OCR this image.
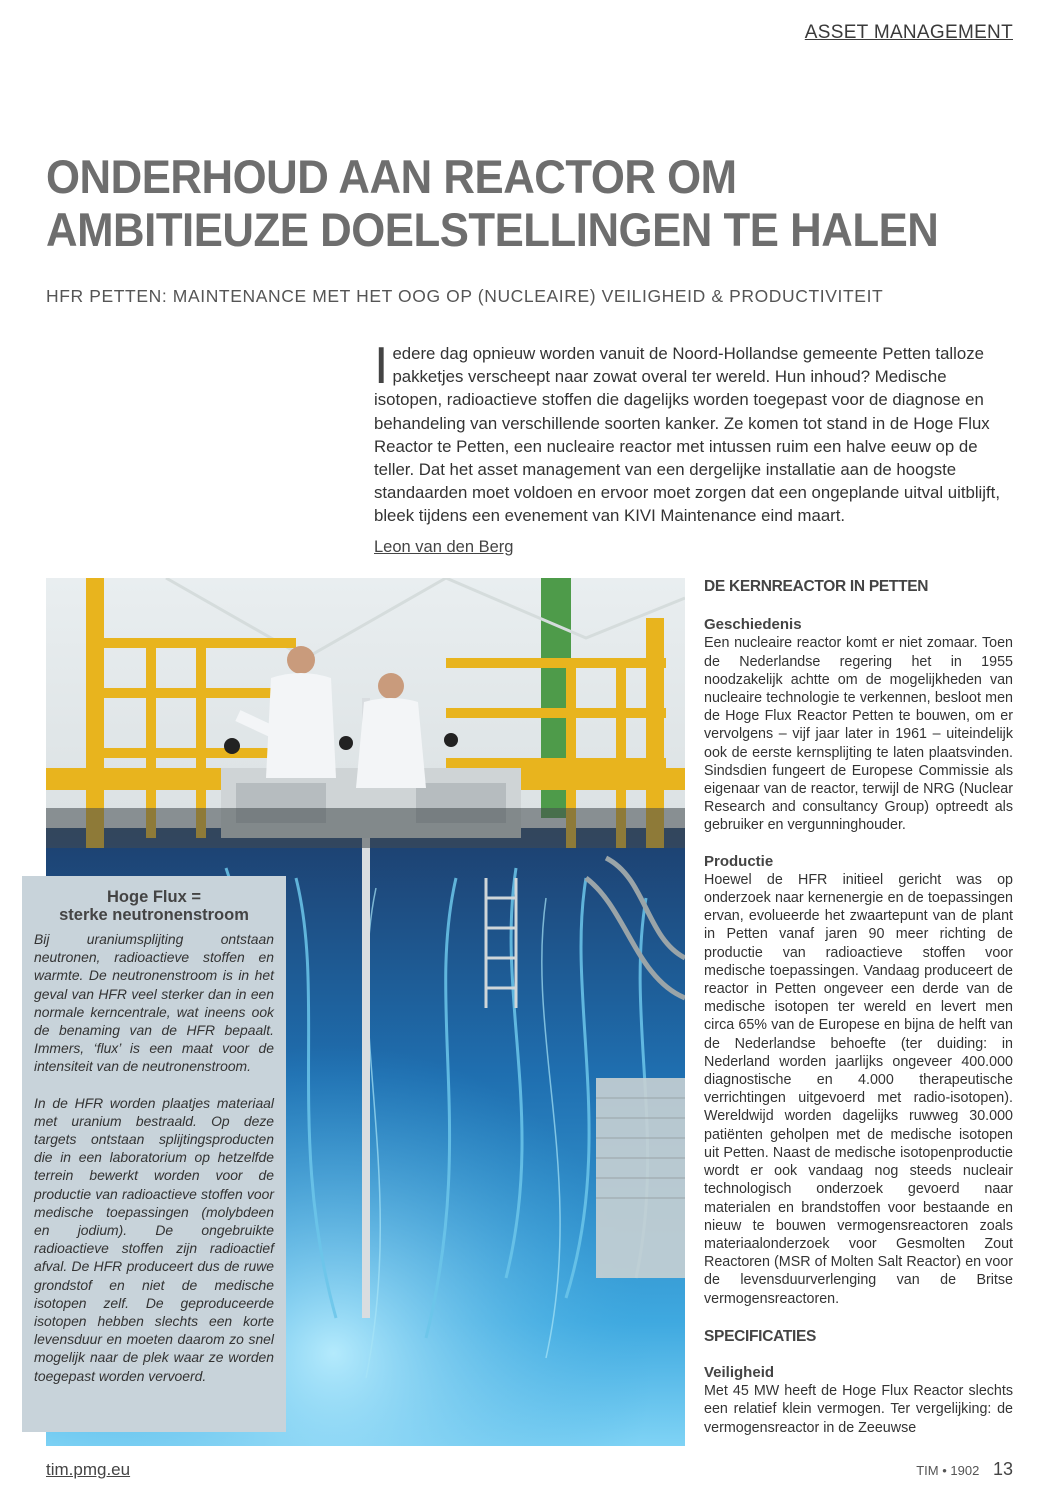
ASSET MANAGEMENT
ONDERHOUD AAN REACTOR OM
AMBITIEUZE DOELSTELLINGEN TE HALEN
HFR PETTEN: MAINTENANCE MET HET OOG OP (NUCLEAIRE) VEILIGHEID & PRODUCTIVITEIT
I edere dag opnieuw worden vanuit de Noord-Hollandse gemeente Petten talloze
pakketjes verscheept naar zowat overal ter wereld. Hun inhoud? Medische
isotopen, radioactieve stoffen die dagelijks worden toegepast voor de diagnose en behandeling van verschillende soorten kanker. Ze komen tot stand in de Hoge Flux Reactor te Petten, een nucleaire reactor met intussen ruim een halve eeuw op de teller. Dat het asset management van een dergelijke installatie aan de hoogste standaarden moet voldoen en ervoor moet zorgen dat een ongeplande uitval uitblijft, bleek tijdens een evenement van KIVI Maintenance eind maart.
Leon van den Berg
Hoge Flux =
sterke neutronenstroom

Bij uraniumsplijting ontstaan neutronen, radioactieve stoffen en warmte. De neutronenstroom is in het geval van HFR veel sterker dan in een normale kerncentrale, wat ineens ook de benaming van de HFR bepaalt. Immers, ‘flux’ is een maat voor de intensiteit van de neutronenstroom.

In de HFR worden plaatjes materiaal met uranium bestraald. Op deze targets ontstaan splijtingsproducten die in een laboratorium op hetzelfde terrein bewerkt worden voor de productie van radioactieve stoffen voor medische toepassingen (molybdeen en jodium). De ongebruikte radioactieve stoffen zijn radioactief afval. De HFR produceert dus de ruwe grondstof en niet de medische isotopen zelf. De geproduceerde isotopen hebben slechts een korte levensduur en moeten daarom zo snel mogelijk naar de plek waar ze worden toegepast worden vervoerd.

DE KERNREACTOR IN PETTEN
Geschiedenis

Een nucleaire reactor komt er niet zomaar. Toen de Nederlandse regering het in 1955 noodzakelijk achtte om de mogelijkheden van nucleaire technologie te verkennen, besloot men de Hoge Flux Reactor Petten te bouwen, om er vervolgens – vijf jaar later in 1961 – uiteindelijk ook de eerste kernsplijting te laten plaatsvinden. Sindsdien fungeert de Europese Commissie als eigenaar van de reactor, terwijl de NRG (Nuclear Research and consultancy Group) optreedt als gebruiker en vergunninghouder.

Productie

Hoewel de HFR initieel gericht was op onderzoek naar kernenergie en de toepassingen ervan, evolueerde het zwaartepunt van de plant in Petten vanaf jaren 90 meer richting de productie van radioactieve stoffen voor medische toepassingen. Vandaag produceert de reactor in Petten ongeveer een derde van de medische isotopen ter wereld en levert men circa 65% van de Europese en bijna de helft van de Nederlandse behoefte (ter duiding: in Nederland worden jaarlijks ongeveer 400.000 diagnostische en 4.000 therapeutische verrichtingen uitgevoerd met radio-isotopen). Wereldwijd worden dagelijks ruwweg 30.000 patiënten geholpen met de medische isotopen uit Petten. Naast de medische isotopenproductie wordt er ook vandaag nog steeds nucleair technologisch onderzoek gevoerd naar materialen en brandstoffen voor bestaande en nieuw te bouwen vermogensreactoren zoals materiaalonderzoek voor Gesmolten Zout Reactoren (MSR of Molten Salt Reactor) en voor de levensduurverlenging van de Britse vermogensreactoren.

SPECIFICATIES
Veiligheid

Met 45 MW heeft de Hoge Flux Reactor slechts een relatief klein vermogen. Ter vergelijking: de vermogensreactor in de Zeeuwse

tim.pmg.eu	TIM • 1902 13
